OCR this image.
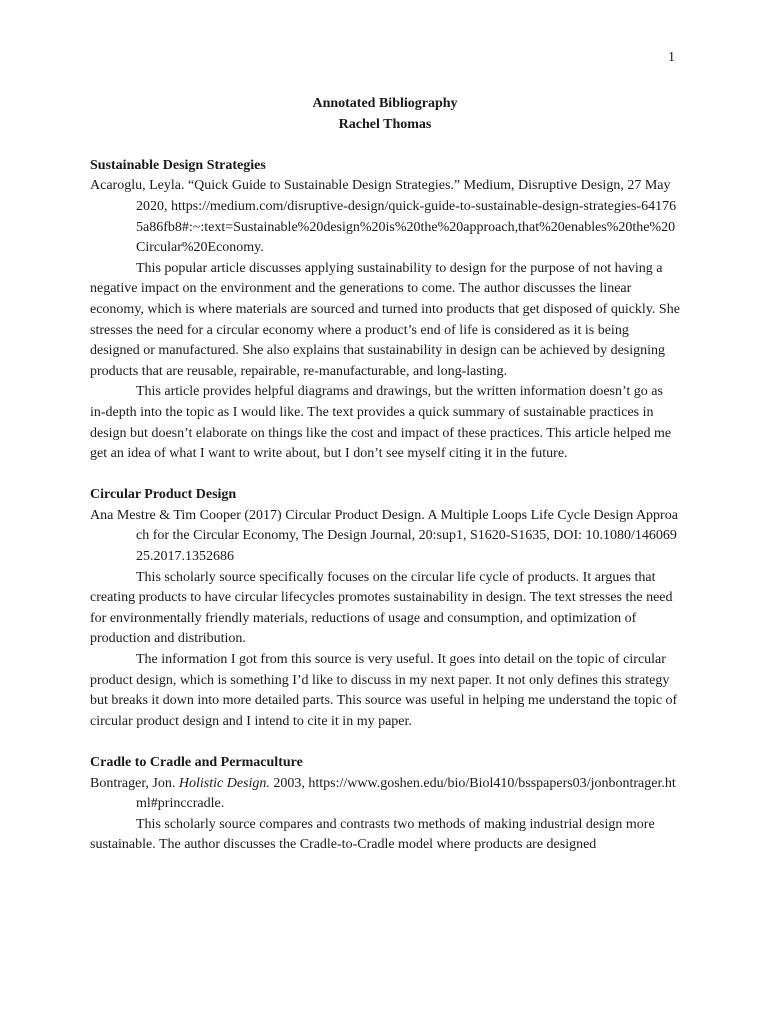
1
Annotated Bibliography
Rachel Thomas
Sustainable Design Strategies
Acaroglu, Leyla. “Quick Guide to Sustainable Design Strategies.” Medium, Disruptive Design, 27 May 2020, https://medium.com/disruptive-design/quick-guide-to-sustainable-design-strategies-641765a86fb8#:~:text=Sustainable%20design%20is%20the%20approach,that%20enables%20the%20Circular%20Economy.

This popular article discusses applying sustainability to design for the purpose of not having a negative impact on the environment and the generations to come. The author discusses the linear economy, which is where materials are sourced and turned into products that get disposed of quickly. She stresses the need for a circular economy where a product’s end of life is considered as it is being designed or manufactured. She also explains that sustainability in design can be achieved by designing products that are reusable, repairable, re-manufacturable, and long-lasting.

This article provides helpful diagrams and drawings, but the written information doesn’t go as in-depth into the topic as I would like. The text provides a quick summary of sustainable practices in design but doesn’t elaborate on things like the cost and impact of these practices. This article helped me get an idea of what I want to write about, but I don’t see myself citing it in the future.

Circular Product Design
Ana Mestre & Tim Cooper (2017) Circular Product Design. A Multiple Loops Life Cycle Design Approach for the Circular Economy, The Design Journal, 20:sup1, S1620-S1635, DOI: 10.1080/14606925.2017.1352686

This scholarly source specifically focuses on the circular life cycle of products. It argues that creating products to have circular lifecycles promotes sustainability in design. The text stresses the need for environmentally friendly materials, reductions of usage and consumption, and optimization of production and distribution.

The information I got from this source is very useful. It goes into detail on the topic of circular product design, which is something I’d like to discuss in my next paper. It not only defines this strategy but breaks it down into more detailed parts. This source was useful in helping me understand the topic of circular product design and I intend to cite it in my paper.

Cradle to Cradle and Permaculture
Bontrager, Jon. Holistic Design. 2003, https://www.goshen.edu/bio/Biol410/bsspapers03/jonbontrager.html#princcradle.

This scholarly source compares and contrasts two methods of making industrial design more sustainable. The author discusses the Cradle-to-Cradle model where products are designed
